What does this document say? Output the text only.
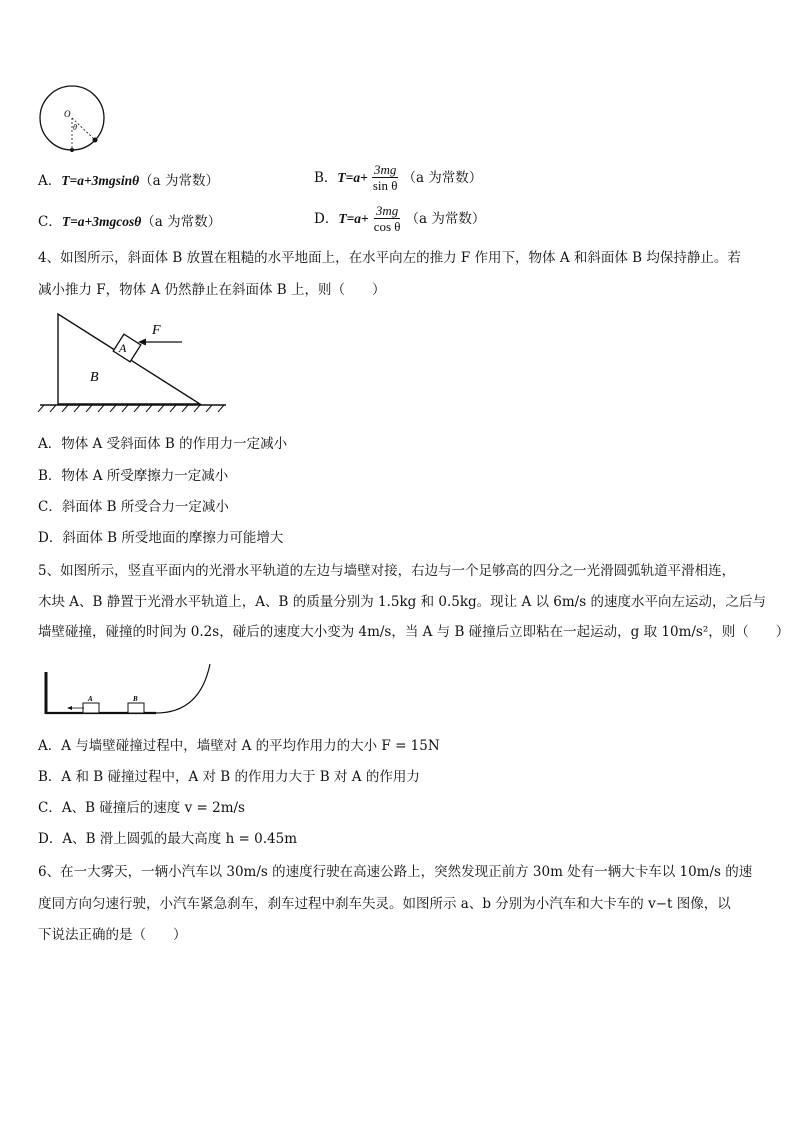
O
θ
A．T=a+3mgsinθ（a 为常数）	B． $T=a+ \frac{3mg}{\text{sin θ}} (a$ 为常数）
C．T=a+3mgcosθ（a 为常数）	D． $T=a+ \frac{3mg}{\text{cos θ}} (a$ 为常数）
4、如图所示，斜面体 B 放置在粗糙的水平地面上，在水平向左的推力 F 作用下，物体 A 和斜面体 B 均保持静止。若
减小推力 F，物体 A 仍然静止在斜面体 B 上，则（　　）
F
A
B
A．物体 A 受斜面体 B 的作用力一定减小
B．物体 A 所受摩擦力一定减小
C．斜面体 B 所受合力一定减小
D．斜面体 B 所受地面的摩擦力可能增大
5、如图所示，竖直平面内的光滑水平轨道的左边与墙壁对接，右边与一个足够高的四分之一光滑圆弧轨道平滑相连，
木块 A、B 静置于光滑水平轨道上，A、B 的质量分别为 1.5kg 和 0.5kg。现让 A 以 6m/s 的速度水平向左运动，之后与
墙壁碰撞，碰撞的时间为 0.2s，碰后的速度大小变为 4m/s，当 A 与 B 碰撞后立即粘在一起运动，g 取 10m/s²，则（　　）
A	B
A．A 与墙壁碰撞过程中，墙壁对 A 的平均作用力的大小 F = 15N
B．A 和 B 碰撞过程中，A 对 B 的作用力大于 B 对 A 的作用力
C．A、B 碰撞后的速度 v = 2m/s
D．A、B 滑上圆弧的最大高度 h = 0.45m
6、在一大雾天，一辆小汽车以 30m/s 的速度行驶在高速公路上，突然发现正前方 30m 处有一辆大卡车以 10m/s 的速
度同方向匀速行驶，小汽车紧急刹车，刹车过程中刹车失灵。如图所示 a、b 分别为小汽车和大卡车的 v−t 图像，以
下说法正确的是（　　）
